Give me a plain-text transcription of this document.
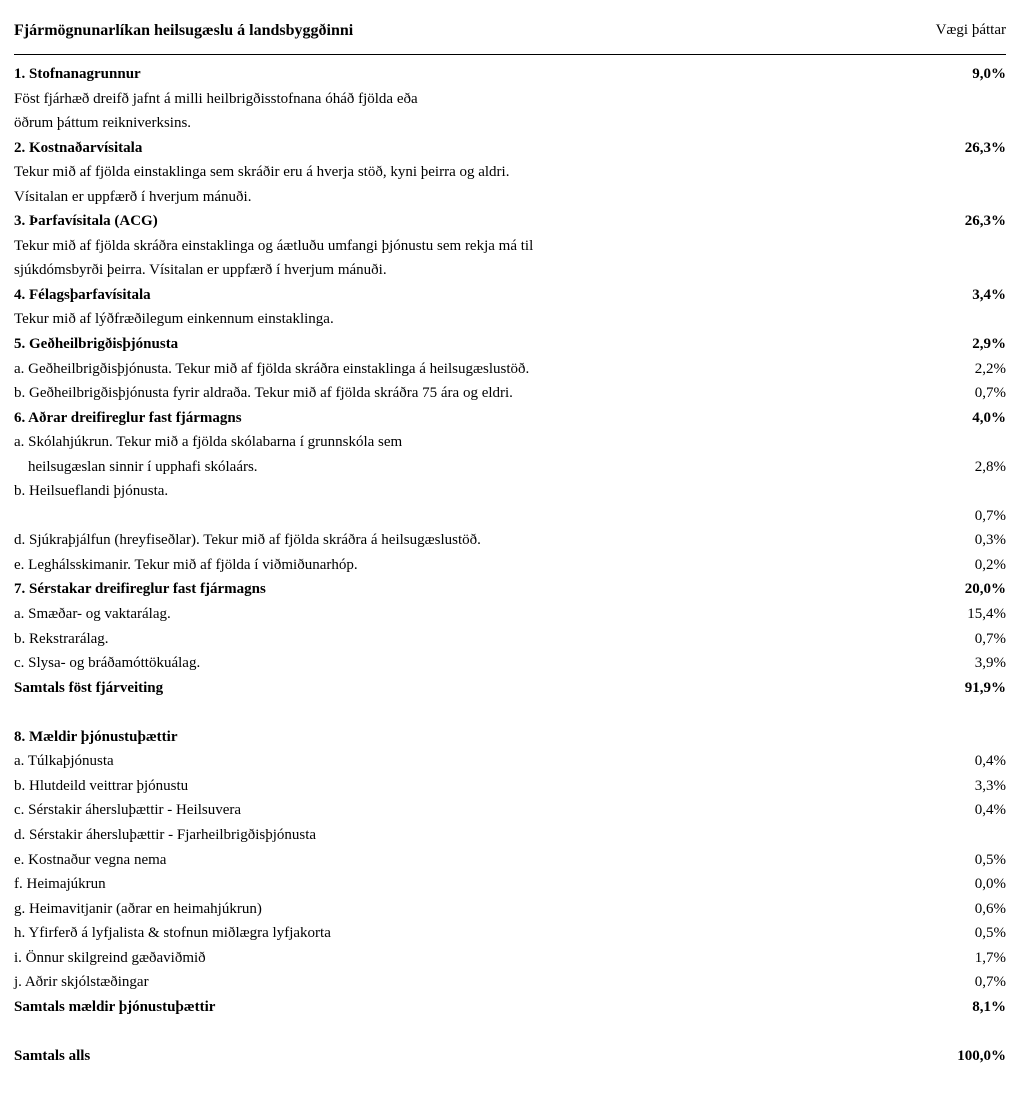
Fjármögnunarlíkan heilsugæslu á landsbyggðinni	Vægi þáttar
1. Stofnanagrunnur	9,0%
Föst fjárhæð dreifð jafnt á milli heilbrigðisstofnana óháð fjölda eða
öðrum þáttum reikniverksins.
2. Kostnaðarvísitala	26,3%
Tekur mið af fjölda einstaklinga sem skráðir eru á hverja stöð, kyni þeirra og aldri.
Vísitalan er uppfærð í hverjum mánuði.
3. Þarfavísitala (ACG)	26,3%
Tekur mið af fjölda skráðra einstaklinga og áætluðu umfangi þjónustu sem rekja má til
sjúkdómsbyrði þeirra. Vísitalan er uppfærð í hverjum mánuði.
4. Félagsþarfavísitala	3,4%
Tekur mið af lýðfræðilegum einkennum einstaklinga.
5. Geðheilbrigðisþjónusta	2,9%
a. Geðheilbrigðisþjónusta. Tekur mið af fjölda skráðra einstaklinga á heilsugæslustöð.	2,2%
b. Geðheilbrigðisþjónusta fyrir aldraða. Tekur mið af fjölda skráðra 75 ára og eldri.	0,7%
6. Aðrar dreifireglur fast fjármagns	4,0%
a. Skólahjúkrun. Tekur mið a fjölda skólabarna í grunnskóla sem
heilsugæslan sinnir í upphafi skólaárs.	2,8%
b. Heilsueflandi þjónusta.
0,7%
d. Sjúkraþjálfun (hreyfiseðlar). Tekur mið af fjölda skráðra á heilsugæslustöð.	0,3%
e. Leghálsskimanir. Tekur mið af fjölda í viðmiðunarhóp.	0,2%
7. Sérstakar dreifireglur fast fjármagns	20,0%
a. Smæðar- og vaktarálag.	15,4%
b. Rekstrarálag.	0,7%
c. Slysa- og bráðamóttökuálag.	3,9%
Samtals föst fjárveiting	91,9%
8. Mældir þjónustuþættir
a. Túlkaþjónusta	0,4%
b. Hlutdeild veittrar þjónustu	3,3%
c. Sérstakir áhersluþættir - Heilsuvera	0,4%
d. Sérstakir áhersluþættir - Fjarheilbrigðisþjónusta
e. Kostnaður vegna nema	0,5%
f. Heimajúkrun	0,0%
g. Heimavitjanir (aðrar en heimahjúkrun)	0,6%
h. Yfirferð á lyfjalista & stofnun miðlægra lyfjakorta	0,5%
i. Önnur skilgreind gæðaviðmið	1,7%
j. Aðrir skjólstæðingar	0,7%
Samtals mældir þjónustuþættir	8,1%
Samtals alls	100,0%
